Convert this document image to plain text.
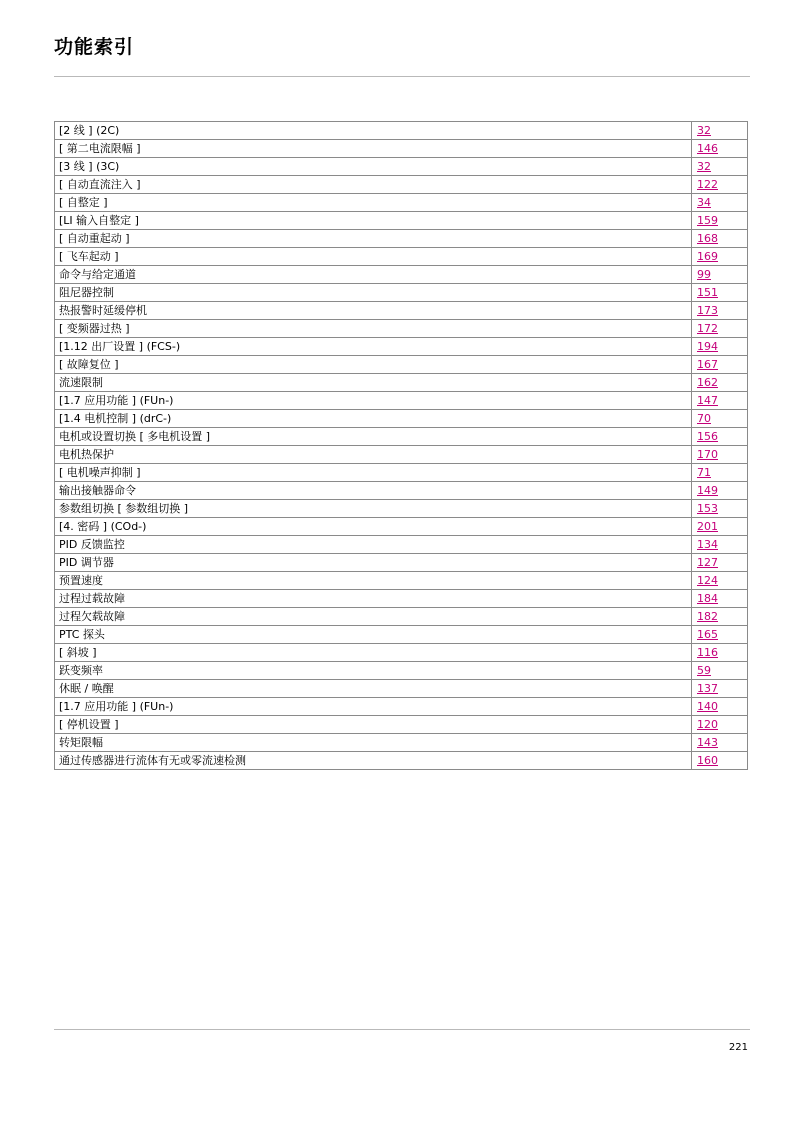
功能索引
[2 线 ] (2C)	32
[ 第二电流限幅 ]	146
[3 线 ] (3C)	32
[ 自动直流注入 ]	122
[ 自整定 ]	34
[LI 输入自整定 ]	159
[ 自动重起动 ]	168
[ 飞车起动 ]	169
命令与给定通道	99
阻尼器控制	151
热报警时延缓停机	173
[ 变频器过热 ]	172
[1.12 出厂设置 ] (FCS-)	194
[ 故障复位 ]	167
流速限制	162
[1.7 应用功能 ] (FUn-)	147
[1.4 电机控制 ] (drC-)	70
电机或设置切换 [ 多电机设置 ]	156
电机热保护	170
[ 电机噪声抑制 ]	71
输出接触器命令	149
参数组切换 [ 参数组切换 ]	153
[4. 密码 ] (COd-)	201
PID 反馈监控	134
PID 调节器	127
预置速度	124
过程过载故障	184
过程欠载故障	182
PTC 探头	165
[ 斜坡 ]	116
跃变频率	59
休眠 / 唤醒	137
[1.7 应用功能 ] (FUn-)	140
[ 停机设置 ]	120
转矩限幅	143
通过传感器进行流体有无或零流速检测	160
221
